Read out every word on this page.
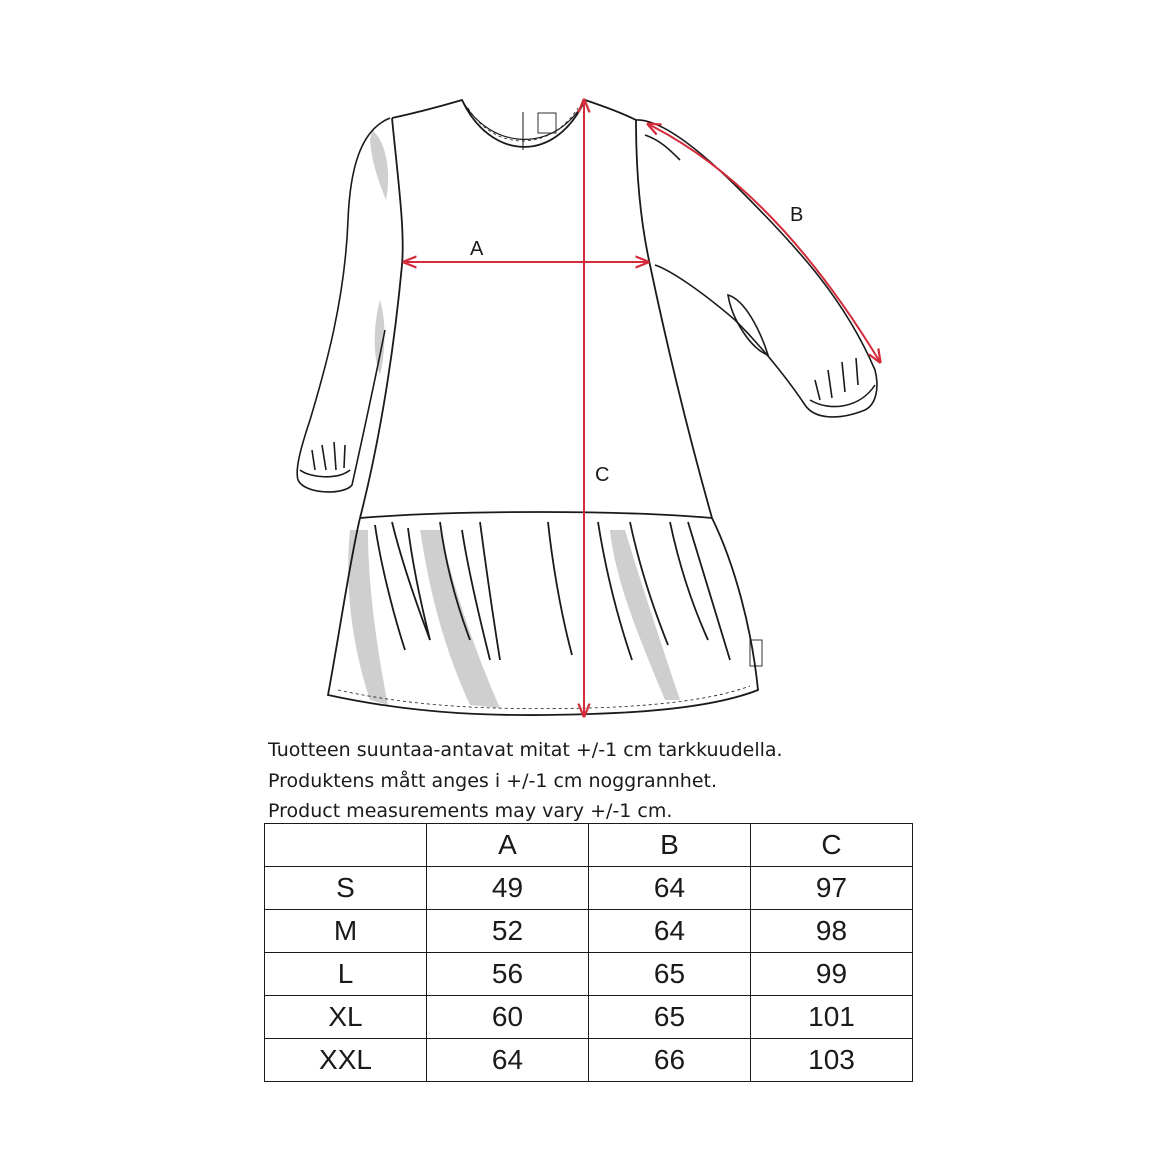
A
B
C
Tuotteen suuntaa-antavat mitat +/-1 cm tarkkuudella.
Produktens mått anges i +/-1 cm noggrannhet.
Product measurements may vary +/-1 cm.
	A	B	C
S	49	64	97
M	52	64	98
L	56	65	99
XL	60	65	101
XXL	64	66	103
